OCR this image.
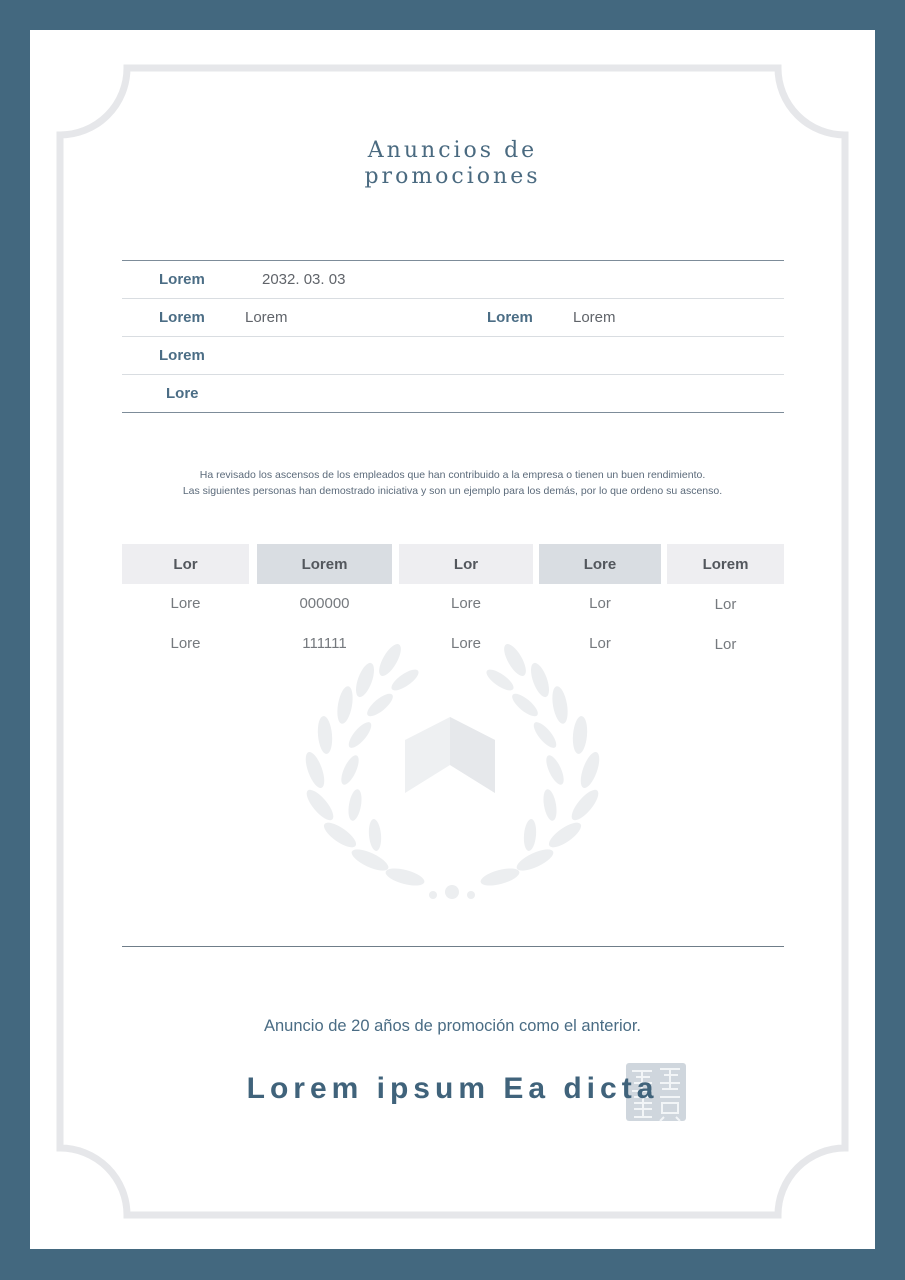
Anuncios de
promociones
Lorem	2032. 03. 03
Lorem	Lorem	Lorem	Lorem
Lorem
Lore
Ha revisado los ascensos de los empleados que han contribuido a la empresa o tienen un buen rendimiento.
Las siguientes personas han demostrado iniciativa y son un ejemplo para los demás, por lo que ordeno su ascenso.
Lor	Lorem	Lor	Lore	Lorem
Lore	000000	Lore	Lor	Lor
Lore	111111	Lore	Lor	Lor
Anuncio de 20 años de promoción como el anterior.
Lorem ipsum Ea dicta
